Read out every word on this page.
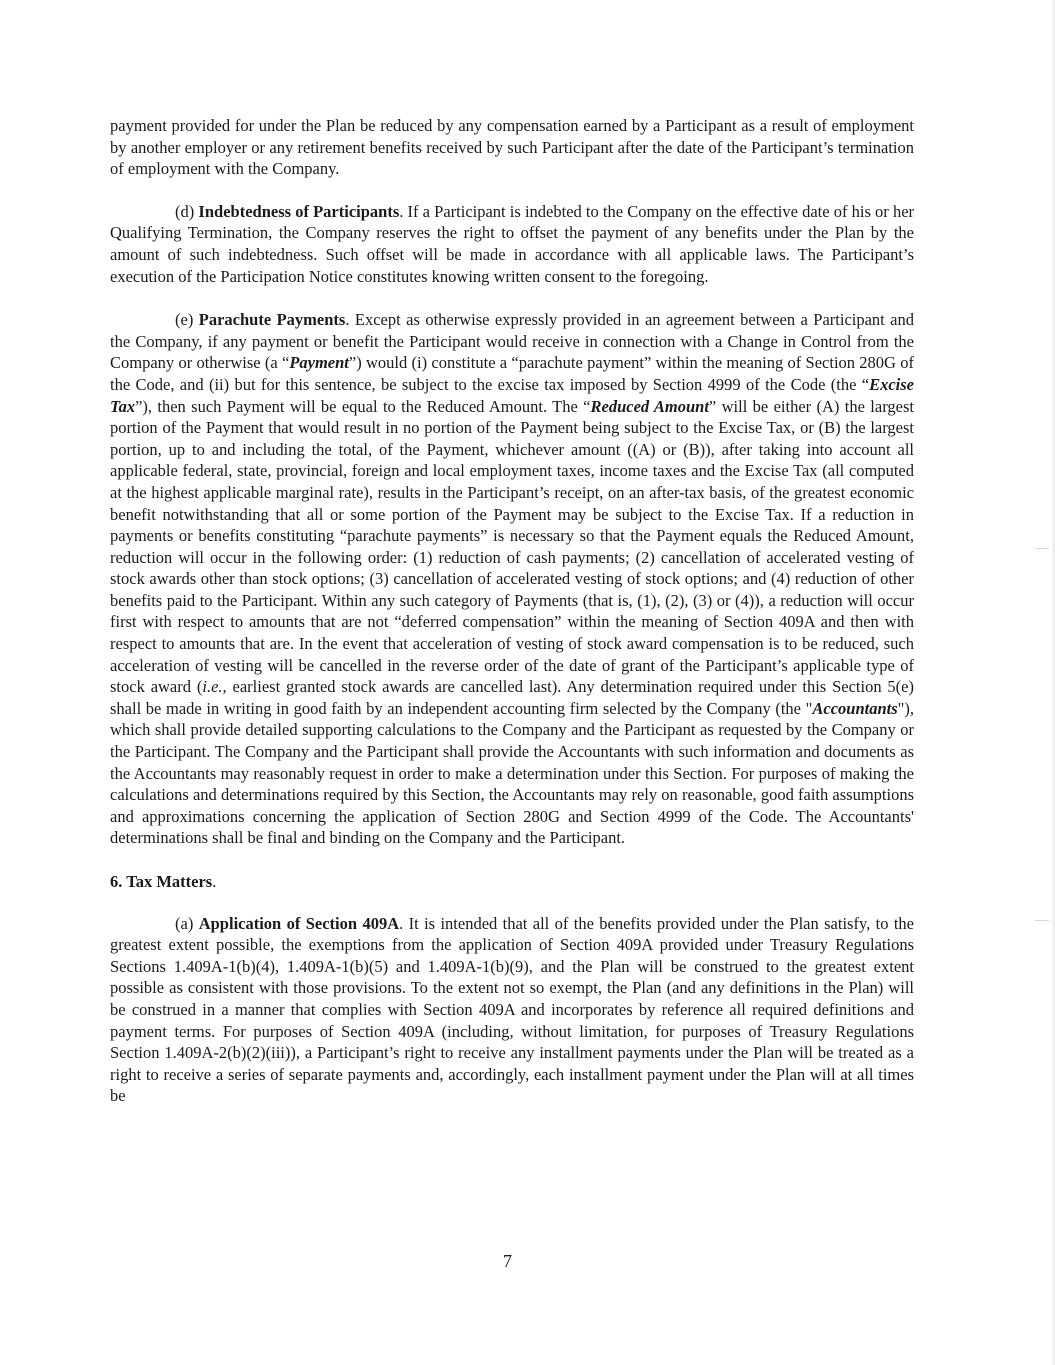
payment provided for under the Plan be reduced by any compensation earned by a Participant as a result of employment by another employer or any retirement benefits received by such Participant after the date of the Participant’s termination of employment with the Company.

(d) Indebtedness of Participants. If a Participant is indebted to the Company on the effective date of his or her Qualifying Termination, the Company reserves the right to offset the payment of any benefits under the Plan by the amount of such indebtedness. Such offset will be made in accordance with all applicable laws. The Participant’s execution of the Participation Notice constitutes knowing written consent to the foregoing.

(e) Parachute Payments. Except as otherwise expressly provided in an agreement between a Participant and the Company, if any payment or benefit the Participant would receive in connection with a Change in Control from the Company or otherwise (a “Payment”) would (i) constitute a “parachute payment” within the meaning of Section 280G of the Code, and (ii) but for this sentence, be subject to the excise tax imposed by Section 4999 of the Code (the “Excise Tax”), then such Payment will be equal to the Reduced Amount. The “Reduced Amount” will be either (A) the largest portion of the Payment that would result in no portion of the Payment being subject to the Excise Tax, or (B) the largest portion, up to and including the total, of the Payment, whichever amount ((A) or (B)), after taking into account all applicable federal, state, provincial, foreign and local employment taxes, income taxes and the Excise Tax (all computed at the highest applicable marginal rate), results in the Participant’s receipt, on an after-tax basis, of the greatest economic benefit notwithstanding that all or some portion of the Payment may be subject to the Excise Tax. If a reduction in payments or benefits constituting “parachute payments” is necessary so that the Payment equals the Reduced Amount, reduction will occur in the following order: (1) reduction of cash payments; (2) cancellation of accelerated vesting of stock awards other than stock options; (3) cancellation of accelerated vesting of stock options; and (4) reduction of other benefits paid to the Participant. Within any such category of Payments (that is, (1), (2), (3) or (4)), a reduction will occur first with respect to amounts that are not “deferred compensation” within the meaning of Section 409A and then with respect to amounts that are. In the event that acceleration of vesting of stock award compensation is to be reduced, such acceleration of vesting will be cancelled in the reverse order of the date of grant of the Participant’s applicable type of stock award (i.e., earliest granted stock awards are cancelled last). Any determination required under this Section 5(e) shall be made in writing in good faith by an independent accounting firm selected by the Company (the "Accountants"), which shall provide detailed supporting calculations to the Company and the Participant as requested by the Company or the Participant. The Company and the Participant shall provide the Accountants with such information and documents as the Accountants may reasonably request in order to make a determination under this Section. For purposes of making the calculations and determinations required by this Section, the Accountants may rely on reasonable, good faith assumptions and approximations concerning the application of Section 280G and Section 4999 of the Code. The Accountants' determinations shall be final and binding on the Company and the Participant.

6. Tax Matters.

(a) Application of Section 409A. It is intended that all of the benefits provided under the Plan satisfy, to the greatest extent possible, the exemptions from the application of Section 409A provided under Treasury Regulations Sections 1.409A-1(b)(4), 1.409A-1(b)(5) and 1.409A-1(b)(9), and the Plan will be construed to the greatest extent possible as consistent with those provisions. To the extent not so exempt, the Plan (and any definitions in the Plan) will be construed in a manner that complies with Section 409A and incorporates by reference all required definitions and payment terms. For purposes of Section 409A (including, without limitation, for purposes of Treasury Regulations Section 1.409A-2(b)(2)(iii)), a Participant’s right to receive any installment payments under the Plan will be treated as a right to receive a series of separate payments and, accordingly, each installment payment under the Plan will at all times be

7
